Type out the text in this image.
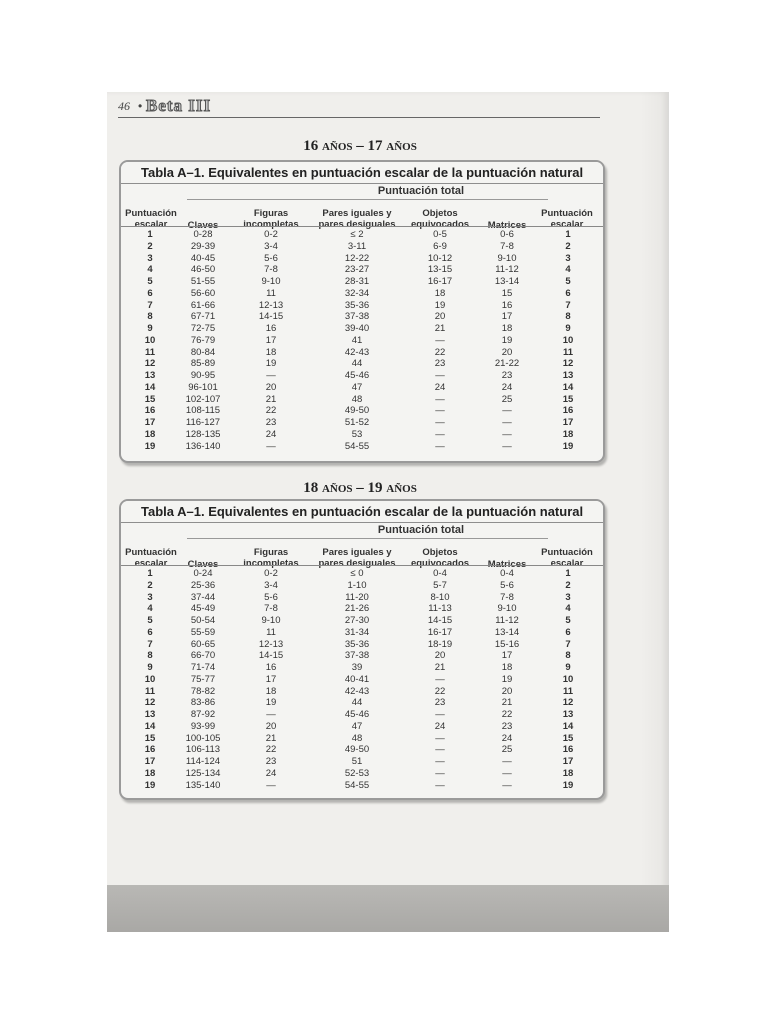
46 • Beta III
16 años – 17 años
Tabla A–1. Equivalentes en puntuación escalar de la puntuación natural
Puntuación total
Puntuación escalar	Claves
Figuras incompletas
Pares iguales y pares desiguales
Objetos equivocados	Matrices
Puntuación escalar
1	0-28	0-2	≤ 2	0-5	0-6	1
2	29-39	3-4	3-11	6-9	7-8	2
3	40-45	5-6	12-22	10-12	9-10	3
4	46-50	7-8	23-27	13-15	11-12	4
5	51-55	9-10	28-31	16-17	13-14	5
6	56-60	11	32-34	18	15	6
7	61-66	12-13	35-36	19	16	7
8	67-71	14-15	37-38	20	17	8
9	72-75	16	39-40	21	18	9
10	76-79	17	41	—	19	10
11	80-84	18	42-43	22	20	11
12	85-89	19	44	23	21-22	12
13	90-95	—	45-46	—	23	13
14	96-101	20	47	24	24	14
15	102-107	21	48	—	25	15
16	108-115	22	49-50	—	—	16
17	116-127	23	51-52	—	—	17
18	128-135	24	53	—	—	18
19	136-140	—	54-55	—	—	19
18 años – 19 años
Tabla A–1. Equivalentes en puntuación escalar de la puntuación natural
Puntuación total
Puntuación escalar	Claves
Figuras incompletas
Pares iguales y pares desiguales
Objetos equivocados	Matrices
Puntuación escalar
1	0-24	0-2	≤ 0	0-4	0-4	1
2	25-36	3-4	1-10	5-7	5-6	2
3	37-44	5-6	11-20	8-10	7-8	3
4	45-49	7-8	21-26	11-13	9-10	4
5	50-54	9-10	27-30	14-15	11-12	5
6	55-59	11	31-34	16-17	13-14	6
7	60-65	12-13	35-36	18-19	15-16	7
8	66-70	14-15	37-38	20	17	8
9	71-74	16	39	21	18	9
10	75-77	17	40-41	—	19	10
11	78-82	18	42-43	22	20	11
12	83-86	19	44	23	21	12
13	87-92	—	45-46	—	22	13
14	93-99	20	47	24	23	14
15	100-105	21	48	—	24	15
16	106-113	22	49-50	—	25	16
17	114-124	23	51	—	—	17
18	125-134	24	52-53	—	—	18
19	135-140	—	54-55	—	—	19
